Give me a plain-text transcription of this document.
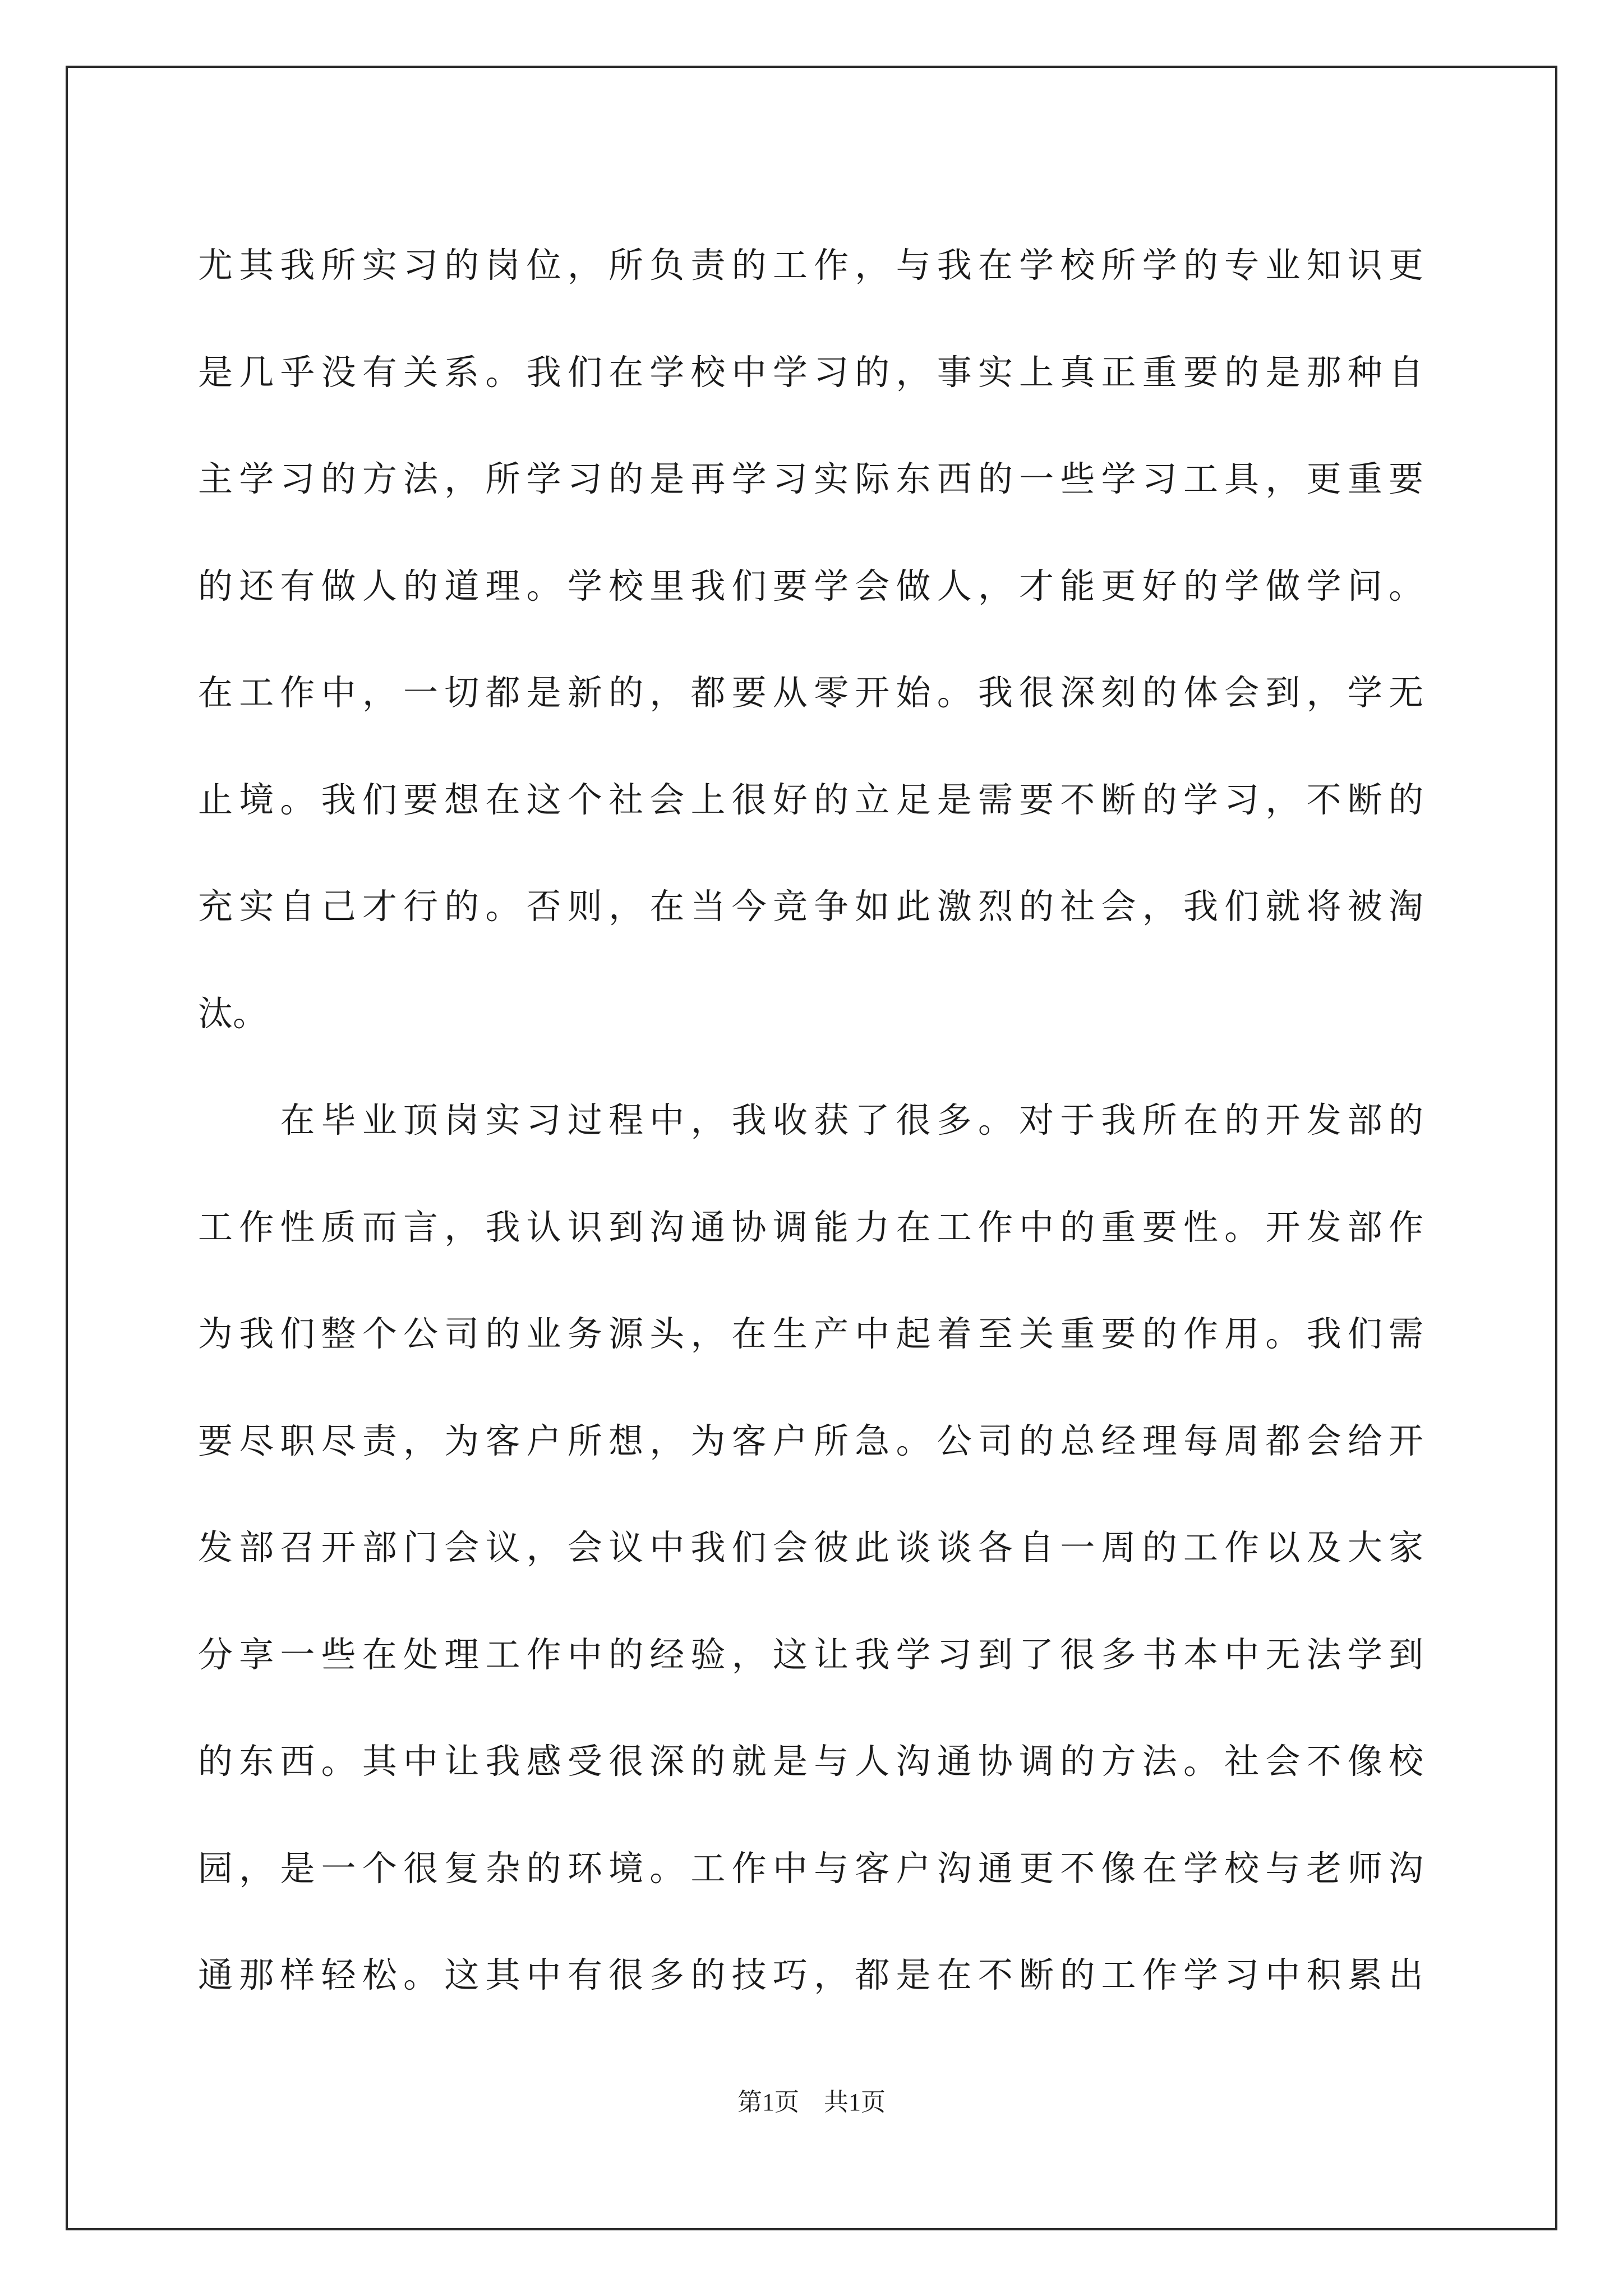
尤其我所实习的岗位，所负责的工作，与我在学校所学的专业知识更
是几乎没有关系。我们在学校中学习的，事实上真正重要的是那种自
主学习的方法，所学习的是再学习实际东西的一些学习工具，更重要
的还有做人的道理。学校里我们要学会做人，才能更好的学做学问。
在工作中，一切都是新的，都要从零开始。我很深刻的体会到，学无
止境。我们要想在这个社会上很好的立足是需要不断的学习，不断的
充实自己才行的。否则，在当今竞争如此激烈的社会，我们就将被淘
汰。
　　在毕业顶岗实习过程中，我收获了很多。对于我所在的开发部的
工作性质而言，我认识到沟通协调能力在工作中的重要性。开发部作
为我们整个公司的业务源头，在生产中起着至关重要的作用。我们需
要尽职尽责，为客户所想，为客户所急。公司的总经理每周都会给开
发部召开部门会议，会议中我们会彼此谈谈各自一周的工作以及大家
分享一些在处理工作中的经验，这让我学习到了很多书本中无法学到
的东西。其中让我感受很深的就是与人沟通协调的方法。社会不像校
园，是一个很复杂的环境。工作中与客户沟通更不像在学校与老师沟
通那样轻松。这其中有很多的技巧，都是在不断的工作学习中积累出
第1页　共1页
